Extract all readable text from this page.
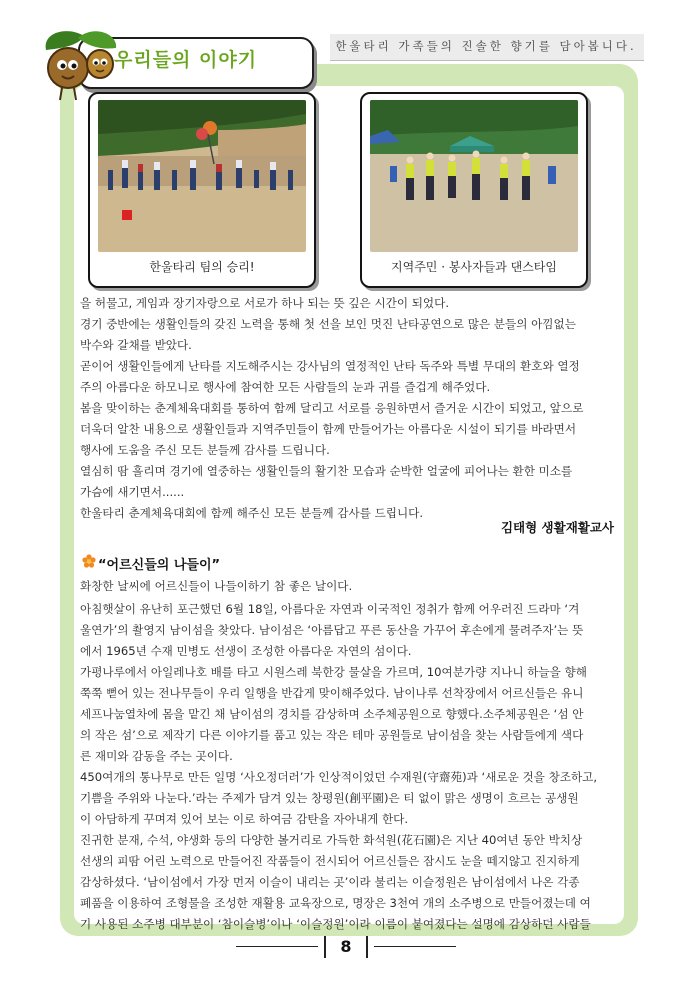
한울타리 가족들의 진솔한 향기를 담아봅니다.
우리들의 이야기
한울타리 팀의 승리!	지역주민 · 봉사자들과 댄스타임
을 허물고, 게임과 장기자랑으로 서로가 하나 되는 뜻 깊은 시간이 되었다.
경기 중반에는 생활인들의 갖진 노력을 통해 첫 선을 보인 멋진 난타공연으로 많은 분들의 아낌없는
박수와 갈채를 받았다.
곧이어 생활인들에게 난타를 지도해주시는 강사님의 열정적인 난타 독주와 특별 무대의 환호와 열정
주의 아름다운 하모니로 행사에 참여한 모든 사람들의 눈과 귀를 즐겁게 해주었다.
봄을 맞이하는 춘계체육대회를 통하여 함께 달리고 서로를 응원하면서 즐거운 시간이 되었고, 앞으로
더욱더 알찬 내용으로 생활인들과 지역주민들이 함께 만들어가는 아름다운 시설이 되기를 바라면서
행사에 도움을 주신 모든 분들께 감사를 드립니다.
열심히 땀 흘리며 경기에 열중하는 생활인들의 활기찬 모습과 순박한 얼굴에 피어나는 환한 미소를
가슴에 새기면서......
한울타리 춘계체육대회에 함께 해주신 모든 분들께 감사를 드립니다.
김태형 생활재활교사
“어르신들의 나들이”
화창한 날씨에 어르신들이 나들이하기 참 좋은 날이다.
아침햇살이 유난히 포근했던 6월 18일, 아름다운 자연과 이국적인 정취가 함께 어우러진 드라마 ‘겨
울연가’의 촬영지 남이섬을 찾았다. 남이섬은 ‘아름답고 푸른 동산을 가꾸어 후손에게 물려주자’는 뜻
에서 1965년 수재 민병도 선생이 조성한 아름다운 자연의 섬이다.
가평나루에서 아일레나호 배를 타고 시원스레 북한강 물살을 가르며, 10여분가량 지나니 하늘을 향해
쭉쭉 뻗어 있는 전나무들이 우리 일행을 반갑게 맞이해주었다. 남이나루 선착장에서 어르신들은 유니
세프나눔열차에 몸을 맡긴 채 남이섬의 경치를 감상하며 소주체공원으로 향했다.소주체공원은 ‘섬 안
의 작은 섬’으로 제작기 다른 이야기를 품고 있는 작은 테마 공원들로 남이섬을 찾는 사람들에게 색다
른 재미와 감동을 주는 곳이다.
450여개의 통나무로 만든 일명 ‘사오정더러’가 인상적이었던 수재원(守齋苑)과 ‘새로운 것을 창조하고,
기쁨을 주위와 나눈다.’라는 주제가 담겨 있는 창평원(創平園)은 티 없이 맑은 생명이 흐르는 공생원
이 아담하게 꾸며져 있어 보는 이로 하여금 감탄을 자아내게 한다.
진귀한 분재, 수석, 야생화 등의 다양한 볼거리로 가득한 화석원(花石園)은 지난 40여년 동안 박치상
선생의 피땀 어린 노력으로 만들어진 작품들이 전시되어 어르신들은 잠시도 눈을 떼지않고 진지하게
감상하셨다. ‘남이섬에서 가장 먼저 이슬이 내리는 곳’이라 불리는 이슬정원은 남이섬에서 나온 각종
폐품을 이용하여 조형물을 조성한 재활용 교육장으로, 명장은 3천여 개의 소주병으로 만들어졌는데 여
기 사용된 소주병 대부분이 ‘참이슬병’이나 ‘이슬정원’이라 이름이 붙여졌다는 설명에 감상하던 사람들
8
